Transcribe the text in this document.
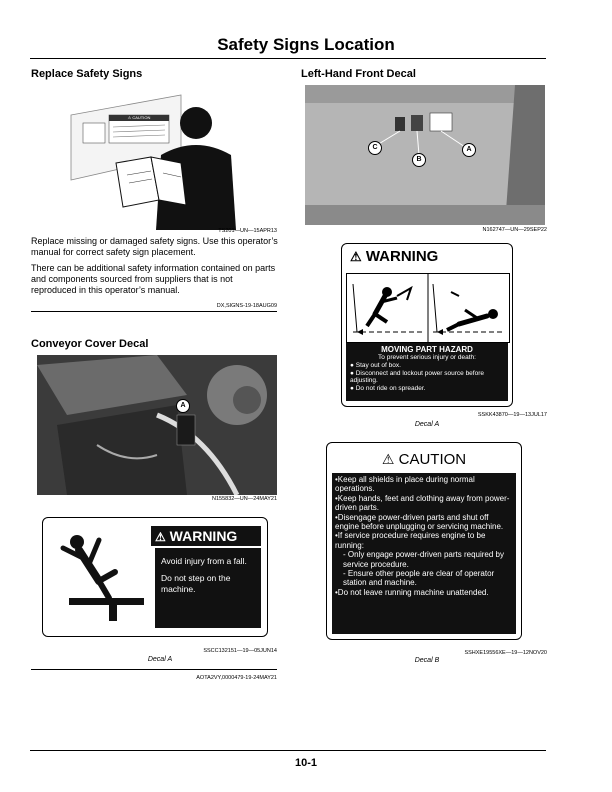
Safety Signs Location
Replace Safety Signs
⚠ CAUTION
TS201—UN—15APR13
Replace missing or damaged safety signs. Use this operator’s manual for correct safety sign placement.
There can be additional safety information contained on parts and components sourced from suppliers that is not reproduced in this operator’s manual.
DX,SIGNS-19-18AUG09
Conveyor Cover Decal
A
N155832—UN—24MAY21
⚠ WARNING
Avoid injury from a fall.
Do not step on the machine.
SSCC132151—19—05JUN14
Decal A
AOTA2VY,0000479-19-24MAY21
Left-Hand Front Decal
C
B
A
N162747—UN—29SEP22
⚠ WARNING
MOVING PART HAZARD
To prevent serious injury or death:
● Stay out of box.
● Disconnect and lockout power source before adjusting.
● Do not ride on spreader.
SSKK43870—19—13JUL17
Decal A
⚠ CAUTION
•Keep all shields in place during normal operations.
•Keep hands, feet and clothing away from power-driven parts.
•Disengage power-driven parts and shut off engine before unplugging or servicing machine.
•If service procedure requires engine to be running:
- Only engage power-driven parts required by service procedure.
- Ensure other people are clear of operator station and machine.
•Do not leave running machine unattended.
SSHXE19556XE—19—12NOV20
Decal B
10-1
